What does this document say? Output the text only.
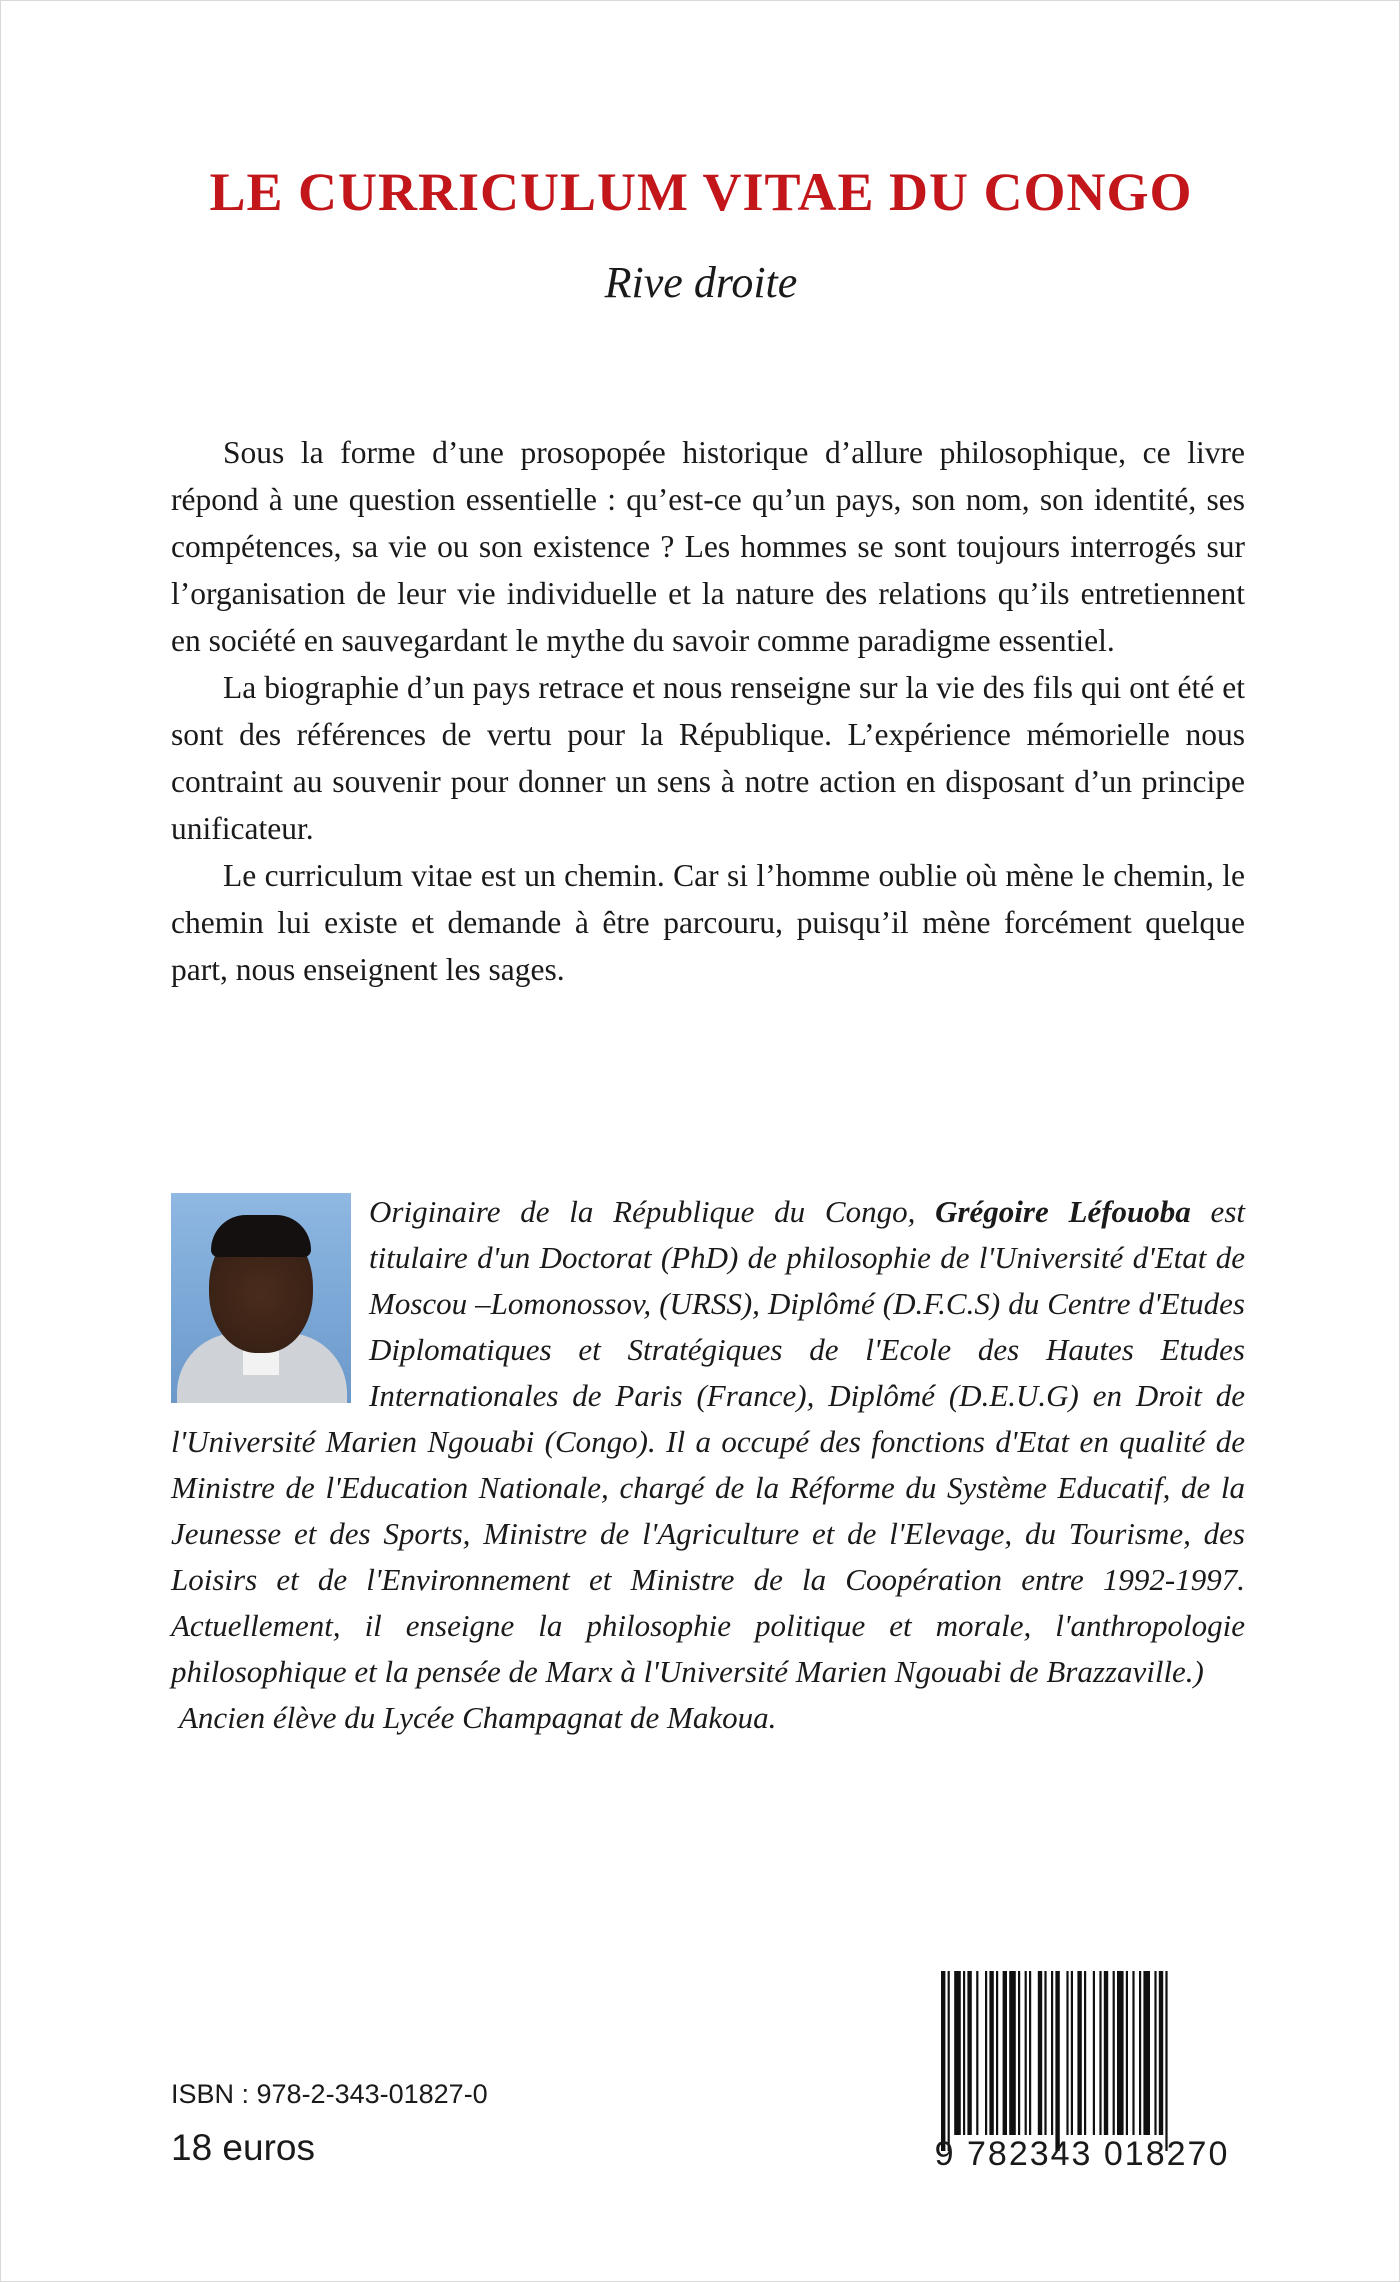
LE CURRICULUM VITAE DU CONGO
Rive droite

Sous la forme d’une prosopopée historique d’allure philosophique, ce livre répond à une question essentielle : qu’est-ce qu’un pays, son nom, son identité, ses compétences, sa vie ou son existence ? Les hommes se sont toujours interrogés sur l’organisation de leur vie individuelle et la nature des relations qu’ils entretiennent en société en sauvegardant le mythe du savoir comme paradigme essentiel.

La biographie d’un pays retrace et nous renseigne sur la vie des fils qui ont été et sont des références de vertu pour la République. L’expérience mémorielle nous contraint au souvenir pour donner un sens à notre action en disposant d’un principe unificateur.

Le curriculum vitae est un chemin. Car si l’homme oublie où mène le chemin, le chemin lui existe et demande à être parcouru, puisqu’il mène forcément quelque part, nous enseignent les sages.

Originaire de la République du Congo, Grégoire Léfouoba est titulaire d'un Doctorat (PhD) de philosophie de l'Université d'Etat de Moscou –Lomonossov, (URSS), Diplômé (D.F.C.S) du Centre d'Etudes Diplomatiques et Stratégiques de l'Ecole des Hautes Etudes Internationales de Paris (France), Diplômé (D.E.U.G) en Droit de l'Université Marien Ngouabi (Congo). Il a occupé des fonctions d'Etat en qualité de Ministre de l'Education Nationale, chargé de la Réforme du Système Educatif, de la Jeunesse et des Sports, Ministre de l'Agriculture et de l'Elevage, du Tourisme, des Loisirs et de l'Environnement et Ministre de la Coopération entre 1992-1997. Actuellement, il enseigne la philosophie politique et morale, l'anthropologie philosophique et la pensée de Marx à l'Université Marien Ngouabi de Brazzaville.)

Ancien élève du Lycée Champagnat de Makoua.

ISBN : 978-2-343-01827-0
18 euros	9 782343 018270
